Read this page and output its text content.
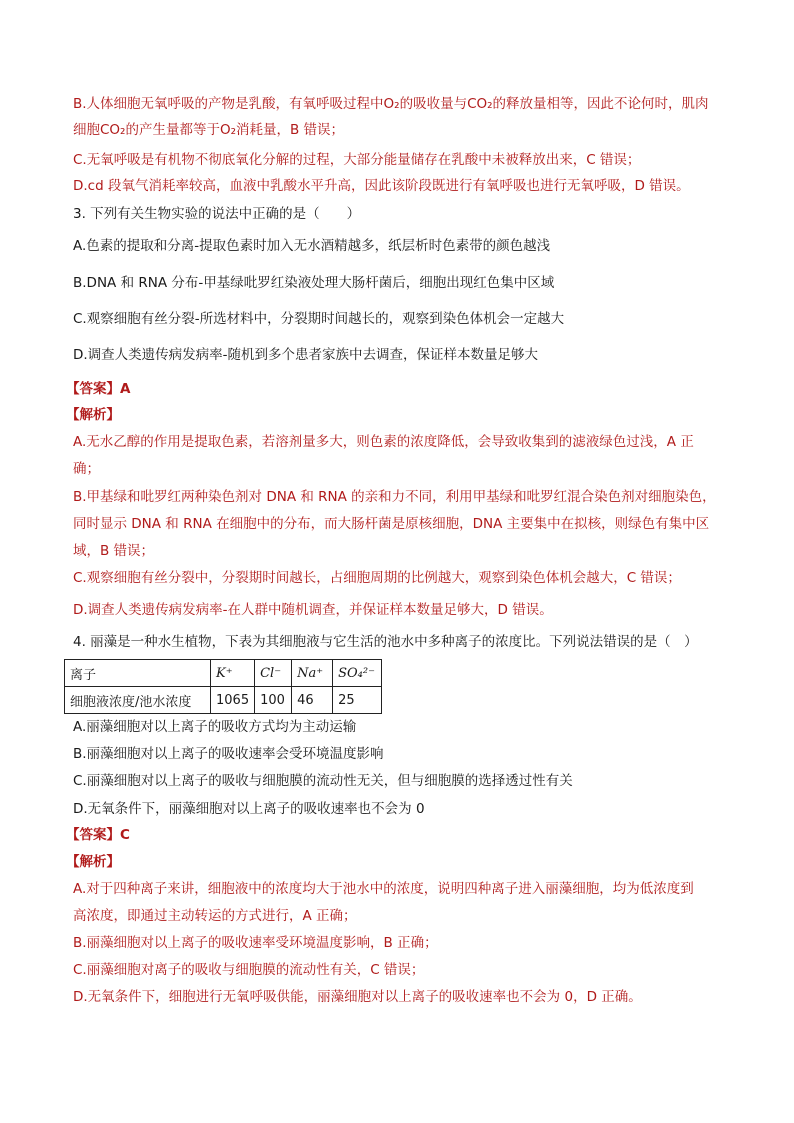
B.人体细胞无氧呼吸的产物是乳酸，有氧呼吸过程中O₂的吸收量与CO₂的释放量相等，因此不论何时，肌肉
细胞CO₂的产生量都等于O₂消耗量，B 错误；
C.无氧呼吸是有机物不彻底氧化分解的过程，大部分能量储存在乳酸中未被释放出来，C 错误；
D.cd 段氧气消耗率较高，血液中乳酸水平升高，因此该阶段既进行有氧呼吸也进行无氧呼吸，D 错误。
3. 下列有关生物实验的说法中正确的是（　　）
A.色素的提取和分离-提取色素时加入无水酒精越多，纸层析时色素带的颜色越浅
B.DNA 和 RNA 分布-甲基绿吡罗红染液处理大肠杆菌后，细胞出现红色集中区域
C.观察细胞有丝分裂-所选材料中，分裂期时间越长的，观察到染色体机会一定越大
D.调查人类遗传病发病率-随机到多个患者家族中去调查，保证样本数量足够大
【答案】A
【解析】
A.无水乙醇的作用是提取色素，若溶剂量多大，则色素的浓度降低，会导致收集到的滤液绿色过浅，A 正
确；
B.甲基绿和吡罗红两种染色剂对 DNA 和 RNA 的亲和力不同，利用甲基绿和吡罗红混合染色剂对细胞染色，
同时显示 DNA 和 RNA 在细胞中的分布，而大肠杆菌是原核细胞，DNA 主要集中在拟核，则绿色有集中区
域，B 错误；
C.观察细胞有丝分裂中，分裂期时间越长，占细胞周期的比例越大，观察到染色体机会越大，C 错误；
D.调查人类遗传病发病率-在人群中随机调查，并保证样本数量足够大，D 错误。
4. 丽藻是一种水生植物，下表为其细胞液与它生活的池水中多种离子的浓度比。下列说法错误的是（　）
离子	K⁺	Cl⁻	Na⁺	SO₄²⁻
细胞液浓度/池水浓度	1065	100	46	25
A.丽藻细胞对以上离子的吸收方式均为主动运输
B.丽藻细胞对以上离子的吸收速率会受环境温度影响
C.丽藻细胞对以上离子的吸收与细胞膜的流动性无关，但与细胞膜的选择透过性有关
D.无氧条件下，丽藻细胞对以上离子的吸收速率也不会为 0
【答案】C
【解析】
A.对于四种离子来讲，细胞液中的浓度均大于池水中的浓度，说明四种离子进入丽藻细胞，均为低浓度到
高浓度，即通过主动转运的方式进行，A 正确；
B.丽藻细胞对以上离子的吸收速率受环境温度影响，B 正确；
C.丽藻细胞对离子的吸收与细胞膜的流动性有关，C 错误；
D.无氧条件下，细胞进行无氧呼吸供能，丽藻细胞对以上离子的吸收速率也不会为 0，D 正确。
